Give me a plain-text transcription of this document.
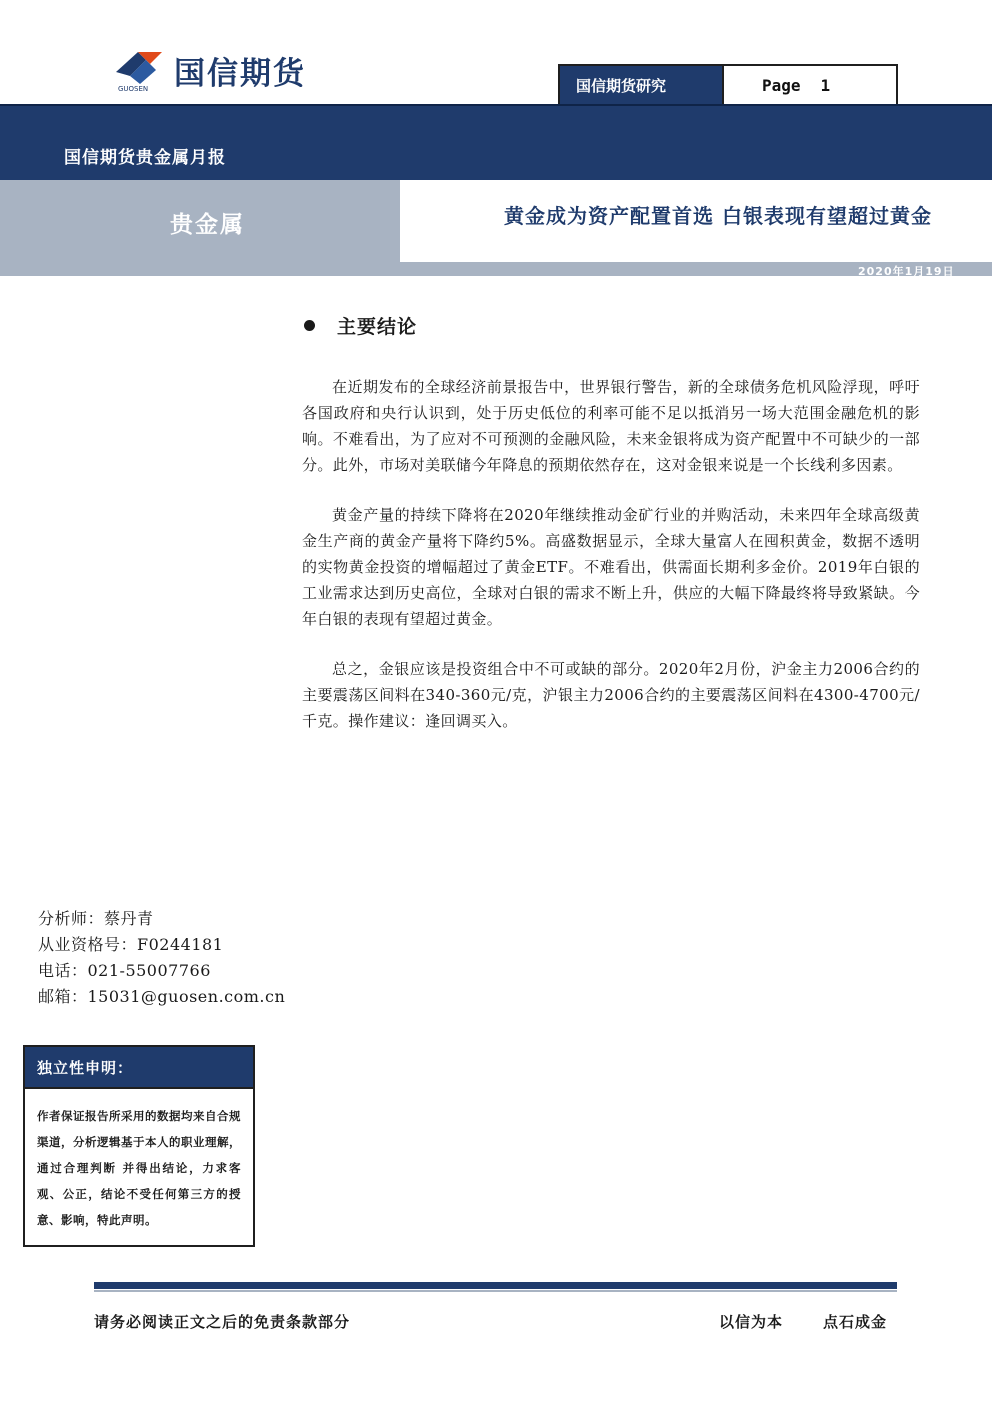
GUOSEN 国信期货	国信期货研究	Page 1
国信期货贵金属月报
贵金属	黄金成为资产配置首选 白银表现有望超过黄金
2020年1月19日
主要结论

在近期发布的全球经济前景报告中，世界银行警告，新的全球债务危机风险浮现，呼吁各国政府和央行认识到，处于历史低位的利率可能不足以抵消另一场大范围金融危机的影响。不难看出，为了应对不可预测的金融风险，未来金银将成为资产配置中不可缺少的一部分。此外，市场对美联储今年降息的预期依然存在，这对金银来说是一个长线利多因素。

黄金产量的持续下降将在2020年继续推动金矿行业的并购活动，未来四年全球高级黄金生产商的黄金产量将下降约5%。高盛数据显示，全球大量富人在囤积黄金，数据不透明的实物黄金投资的增幅超过了黄金ETF。不难看出，供需面长期利多金价。2019年白银的工业需求达到历史高位，全球对白银的需求不断上升，供应的大幅下降最终将导致紧缺。今年白银的表现有望超过黄金。

总之，金银应该是投资组合中不可或缺的部分。2020年2月份，沪金主力2006合约的主要震荡区间料在340-360元/克，沪银主力2006合约的主要震荡区间料在4300-4700元/千克。操作建议：逢回调买入。

分析师：蔡丹青
从业资格号：F0244181
电话：021-55007766
邮箱：15031@guosen.com.cn
独立性申明：
作者保证报告所采用的数据均来自合规渠道，分析逻辑基于本人的职业理解，通过合理判断 并得出结论，力求客观、公正，结论不受任何第三方的授意、影响，特此声明。
请务必阅读正文之后的免责条款部分	以信为本	点石成金
